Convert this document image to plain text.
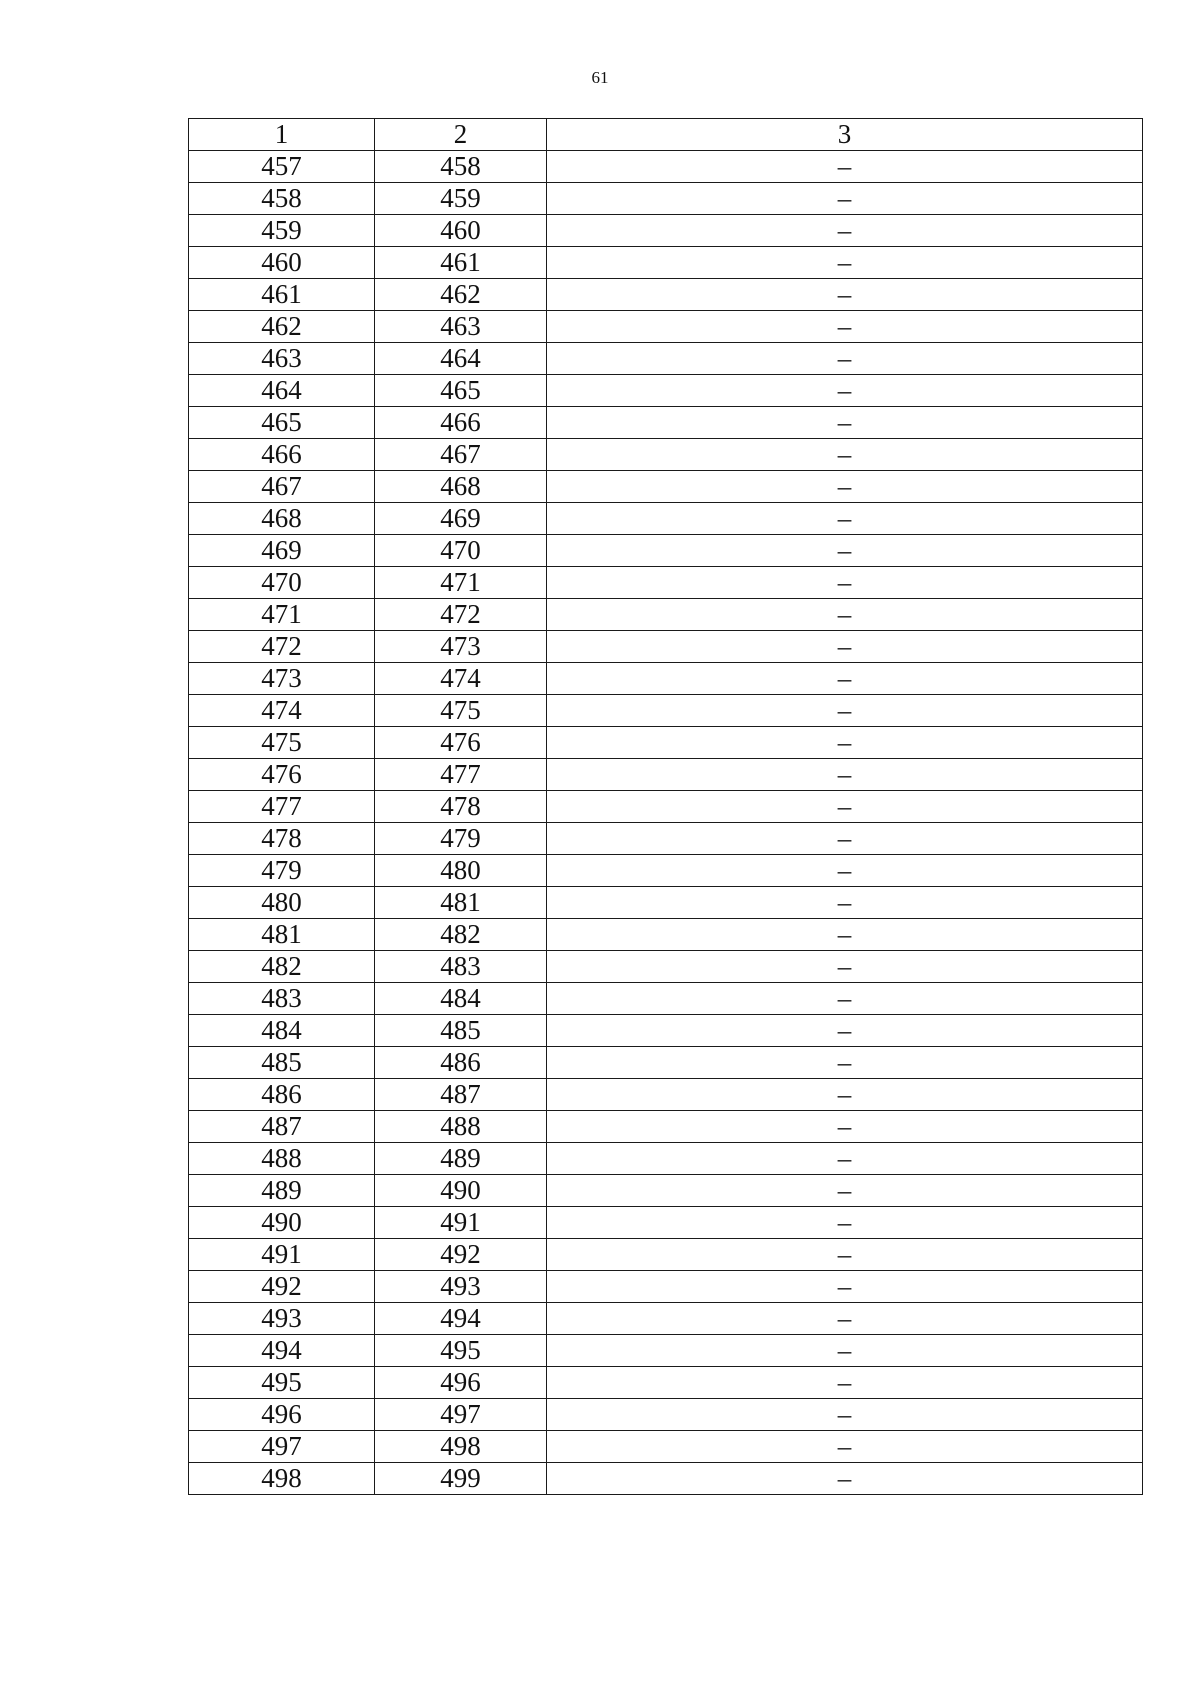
61
1	2	3
457	458	–
458	459	–
459	460	–
460	461	–
461	462	–
462	463	–
463	464	–
464	465	–
465	466	–
466	467	–
467	468	–
468	469	–
469	470	–
470	471	–
471	472	–
472	473	–
473	474	–
474	475	–
475	476	–
476	477	–
477	478	–
478	479	–
479	480	–
480	481	–
481	482	–
482	483	–
483	484	–
484	485	–
485	486	–
486	487	–
487	488	–
488	489	–
489	490	–
490	491	–
491	492	–
492	493	–
493	494	–
494	495	–
495	496	–
496	497	–
497	498	–
498	499	–
